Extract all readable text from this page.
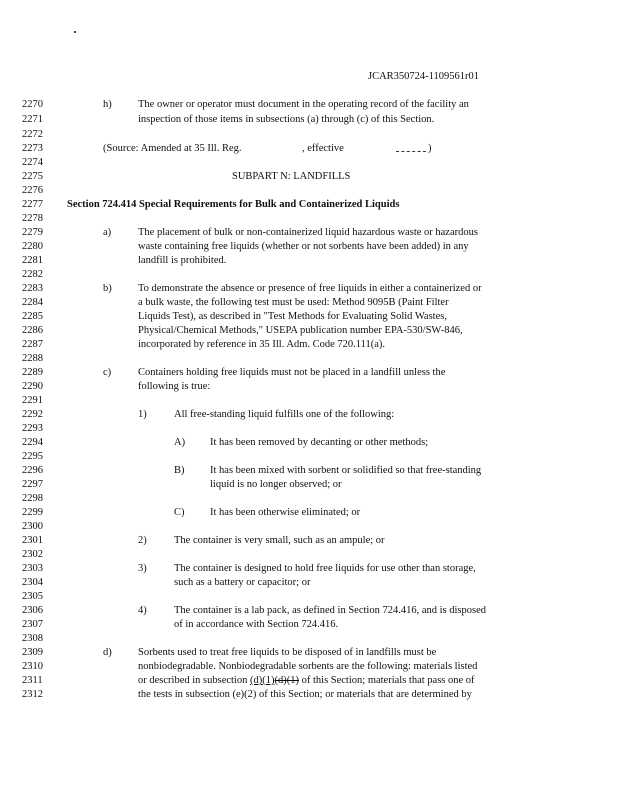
JCAR350724-1109561r01
2270
2271
2272
2273
2274
2275
2276
2277
2278
2279
2280
2281
2282
2283
2284
2285
2286
2287
2288
2289
2290
2291
2292
2293
2294
2295
2296
2297
2298
2299
2300
2301
2302
2303
2304
2305
2306
2307
2308
2309
2310
2311
2312
h)	The owner or operator must document in the operating record of the facility an
inspection of those items in subsections (a) through (c) of this Section.
(Source: Amended at 35 Ill. Reg.	, effective	)
SUBPART N: LANDFILLS
Section 724.414 Special Requirements for Bulk and Containerized Liquids
a)	The placement of bulk or non-containerized liquid hazardous waste or hazardous
waste containing free liquids (whether or not sorbents have been added) in any
landfill is prohibited.
b)	To demonstrate the absence or presence of free liquids in either a containerized or
a bulk waste, the following test must be used: Method 9095B (Paint Filter
Liquids Test), as described in "Test Methods for Evaluating Solid Wastes,
Physical/Chemical Methods," USEPA publication number EPA-530/SW-846,
incorporated by reference in 35 Ill. Adm. Code 720.111(a).
c)	Containers holding free liquids must not be placed in a landfill unless the
following is true:
1)	All free-standing liquid fulfills one of the following:
A) It has been removed by decanting or other methods;
B) It has been mixed with sorbent or solidified so that free-standing
liquid is no longer observed; or
C) It has been otherwise eliminated; or
2)	The container is very small, such as an ampule; or
3)	The container is designed to hold free liquids for use other than storage,
such as a battery or capacitor; or
4)	The container is a lab pack, as defined in Section 724.416, and is disposed
of in accordance with Section 724.416.
d)	Sorbents used to treat free liquids to be disposed of in landfills must be
nonbiodegradable. Nonbiodegradable sorbents are the following: materials listed
or described in subsection (d)(1)(d)(1) of this Section; materials that pass one of
the tests in subsection (e)(2) of this Section; or materials that are determined by
